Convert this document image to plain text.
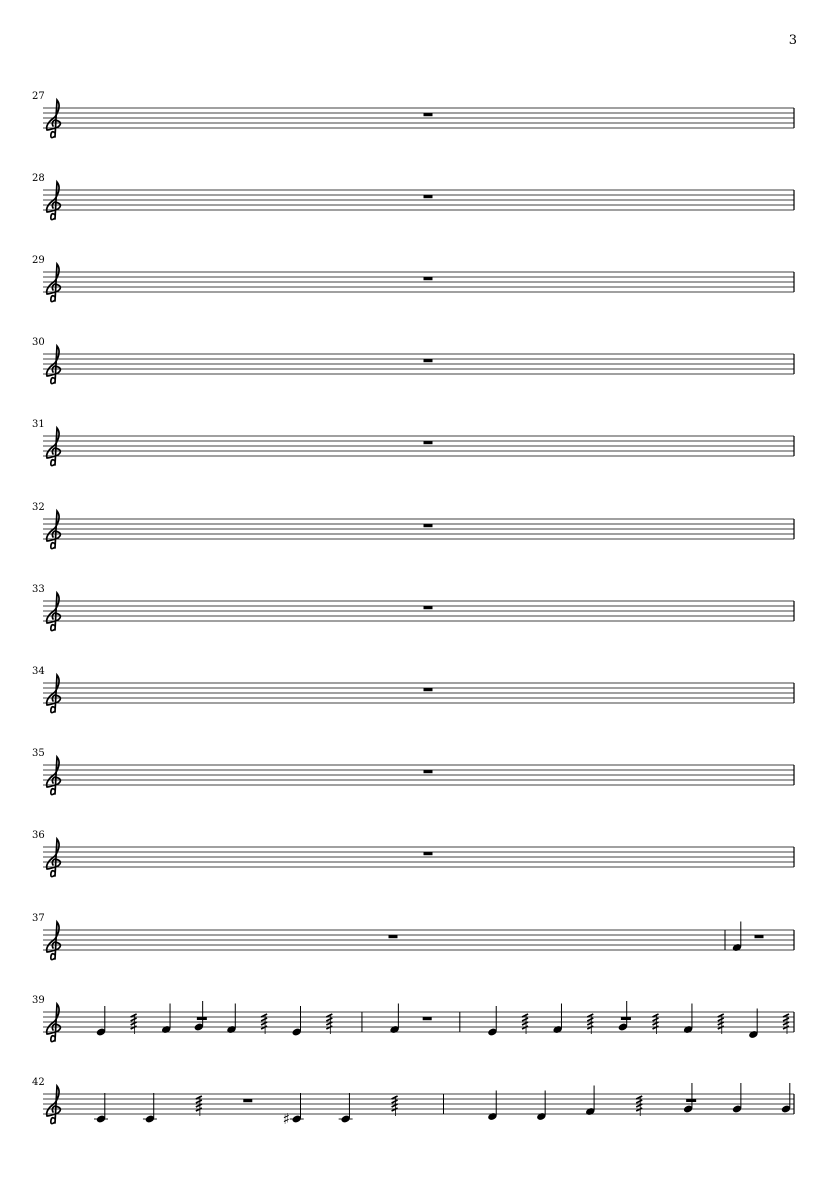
3
27
28
29
30
31
32
33
34
35
36
37
39
42
♯
